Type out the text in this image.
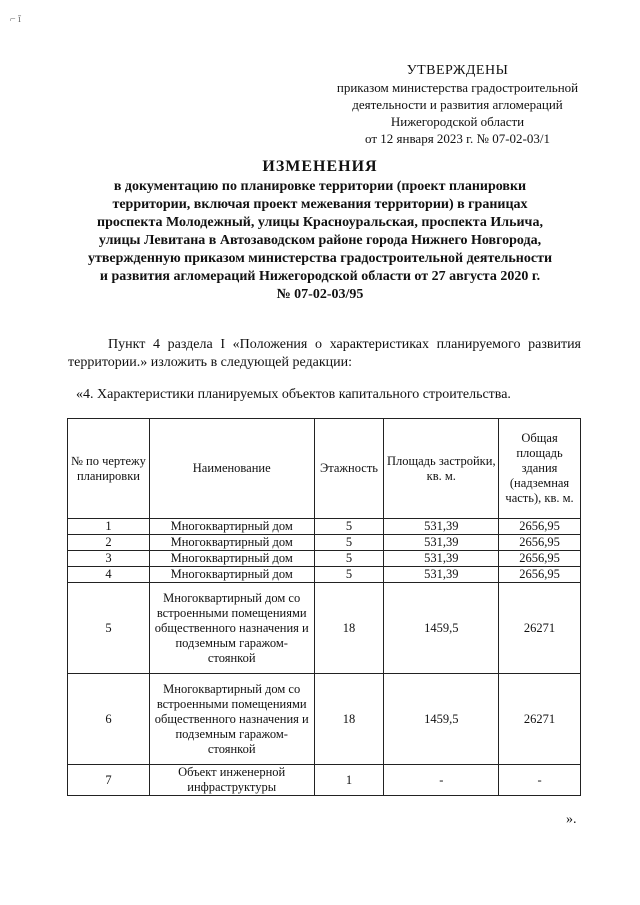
⌐ ī
УТВЕРЖДЕНЫ
приказом министерства градостроительной
деятельности и развития агломераций
Нижегородской области
от 12 января 2023 г. № 07-02-03/1
ИЗМЕНЕНИЯ
в документацию по планировке территории (проект планировки
территории, включая проект межевания территории) в границах
проспекта Молодежный, улицы Красноуральская, проспекта Ильича,
улицы Левитана в Автозаводском районе города Нижнего Новгорода,
утвержденную приказом министерства градостроительной деятельности
и развития агломераций Нижегородской области от 27 августа 2020 г.
№ 07-02-03/95
Пункт 4 раздела I «Положения о характеристиках планируемого развития территории.» изложить в следующей редакции:
«4. Характеристики планируемых объектов капитального строительства.
№ по чертежу планировки	Наименование	Этажность	Площадь застройки, кв. м.	Общая площадь здания (надземная часть), кв. м.
1	Многоквартирный дом	5	531,39	2656,95
2	Многоквартирный дом	5	531,39	2656,95
3	Многоквартирный дом	5	531,39	2656,95
4	Многоквартирный дом	5	531,39	2656,95
5	Многоквартирный дом со встроенными помещениями общественного назначения и подземным гаражом-стоянкой	18	1459,5	26271
6	Многоквартирный дом со встроенными помещениями общественного назначения и подземным гаражом-стоянкой	18	1459,5	26271
7	Объект инженерной инфраструктуры	1	-	-
».
